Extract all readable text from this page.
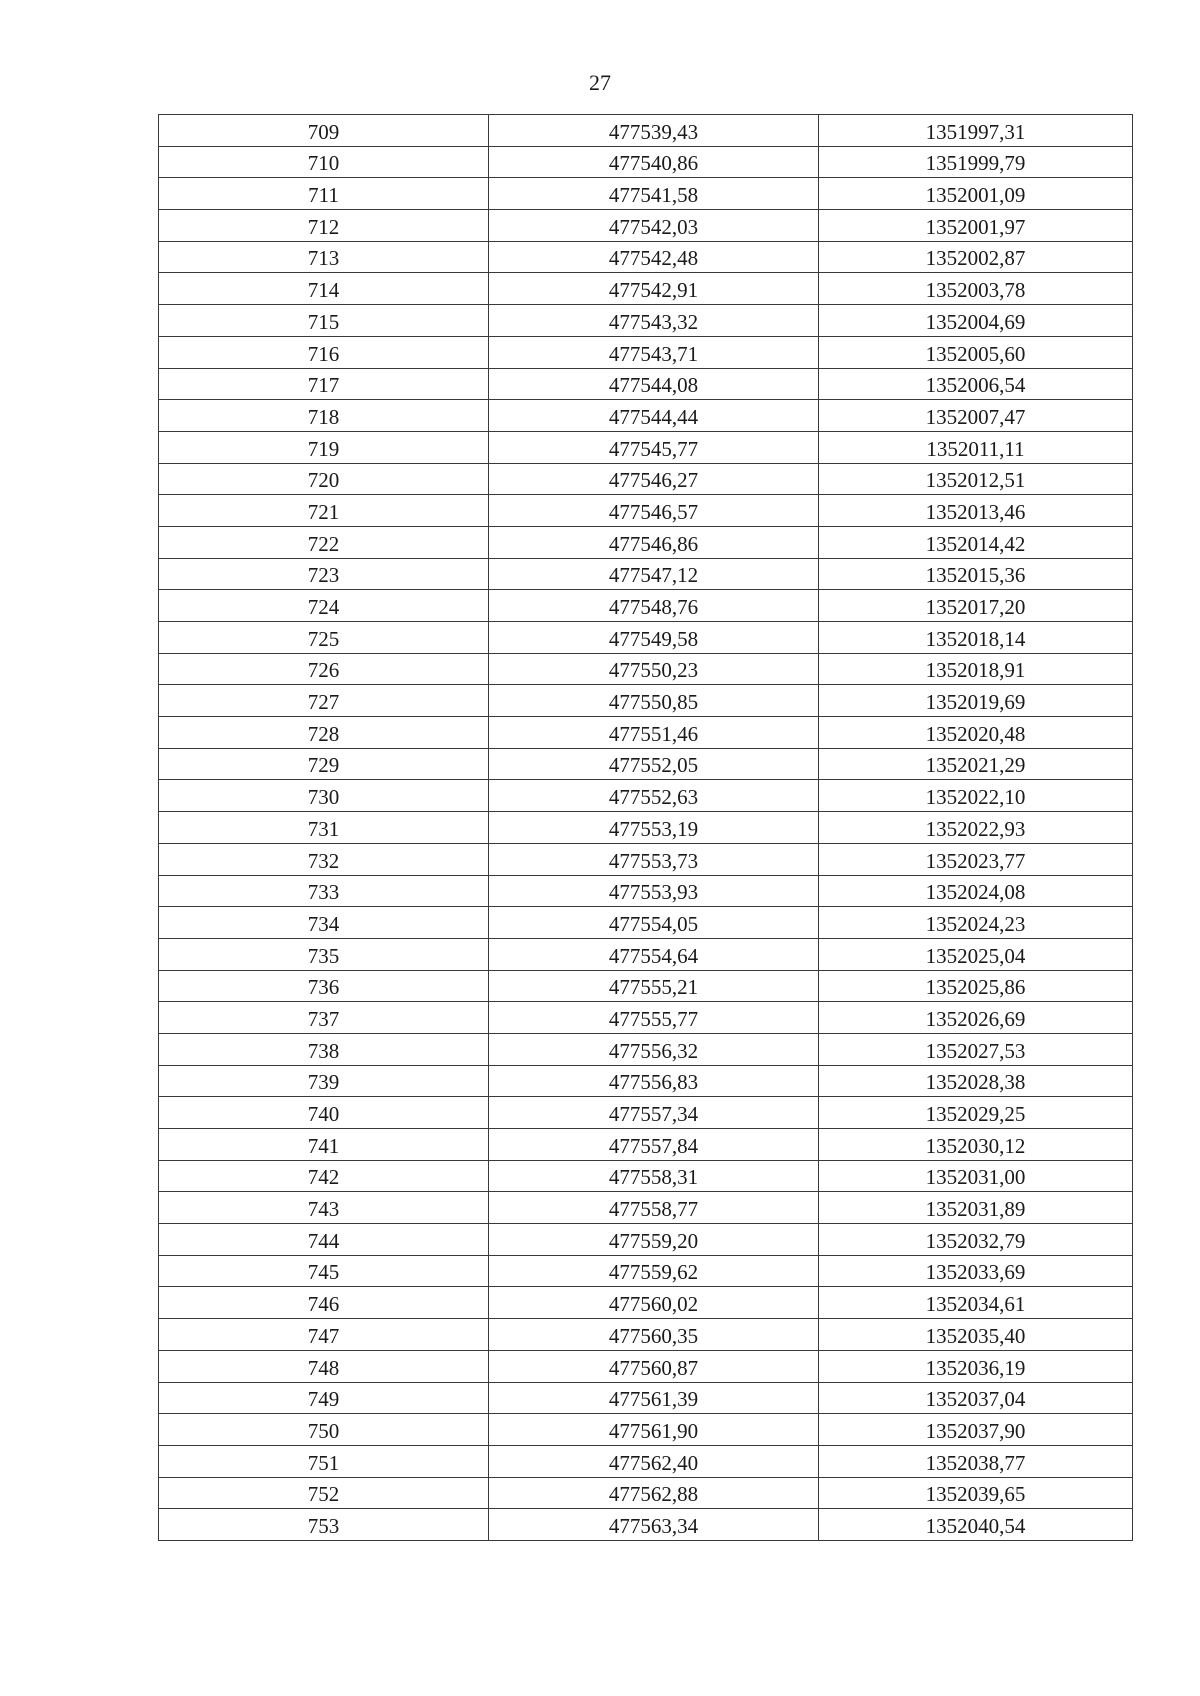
27
709	477539,43	1351997,31
710	477540,86	1351999,79
711	477541,58	1352001,09
712	477542,03	1352001,97
713	477542,48	1352002,87
714	477542,91	1352003,78
715	477543,32	1352004,69
716	477543,71	1352005,60
717	477544,08	1352006,54
718	477544,44	1352007,47
719	477545,77	1352011,11
720	477546,27	1352012,51
721	477546,57	1352013,46
722	477546,86	1352014,42
723	477547,12	1352015,36
724	477548,76	1352017,20
725	477549,58	1352018,14
726	477550,23	1352018,91
727	477550,85	1352019,69
728	477551,46	1352020,48
729	477552,05	1352021,29
730	477552,63	1352022,10
731	477553,19	1352022,93
732	477553,73	1352023,77
733	477553,93	1352024,08
734	477554,05	1352024,23
735	477554,64	1352025,04
736	477555,21	1352025,86
737	477555,77	1352026,69
738	477556,32	1352027,53
739	477556,83	1352028,38
740	477557,34	1352029,25
741	477557,84	1352030,12
742	477558,31	1352031,00
743	477558,77	1352031,89
744	477559,20	1352032,79
745	477559,62	1352033,69
746	477560,02	1352034,61
747	477560,35	1352035,40
748	477560,87	1352036,19
749	477561,39	1352037,04
750	477561,90	1352037,90
751	477562,40	1352038,77
752	477562,88	1352039,65
753	477563,34	1352040,54
